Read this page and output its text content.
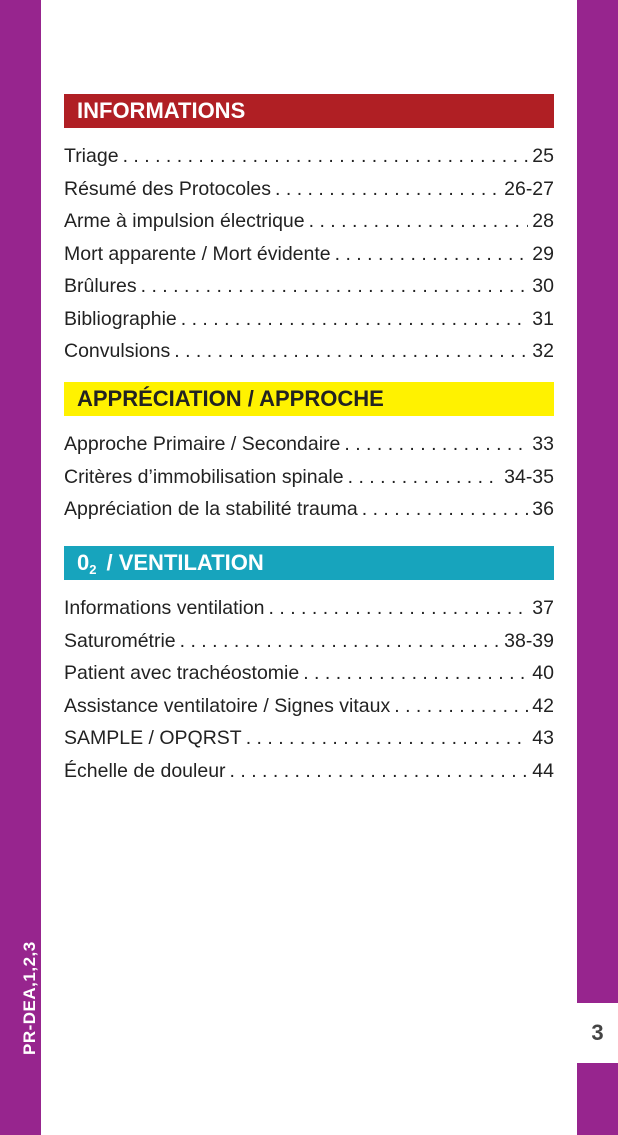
3
PR-DEA,1,2,3
INFORMATIONS
Triage . . .	25
Résumé des Protocoles . . .	26-27
Arme à impulsion électrique . . .	28
Mort apparente / Mort évidente . . .	29
Brûlures . . .	30
Bibliographie . . .	31
Convulsions . . .	32
APPRÉCIATION / APPROCHE
Approche Primaire / Secondaire . . .	33
Critères d’immobilisation spinale . . .	34-35
Appréciation de la stabilité trauma . . .	36
$0_2$ / VENTILATION
Informations ventilation . . .	37
Saturométrie . . .	38-39
Patient avec trachéostomie . . .	40
Assistance ventilatoire / Signes vitaux . . .	42
SAMPLE / OPQRST . . .	43
Échelle de douleur . . .	44
